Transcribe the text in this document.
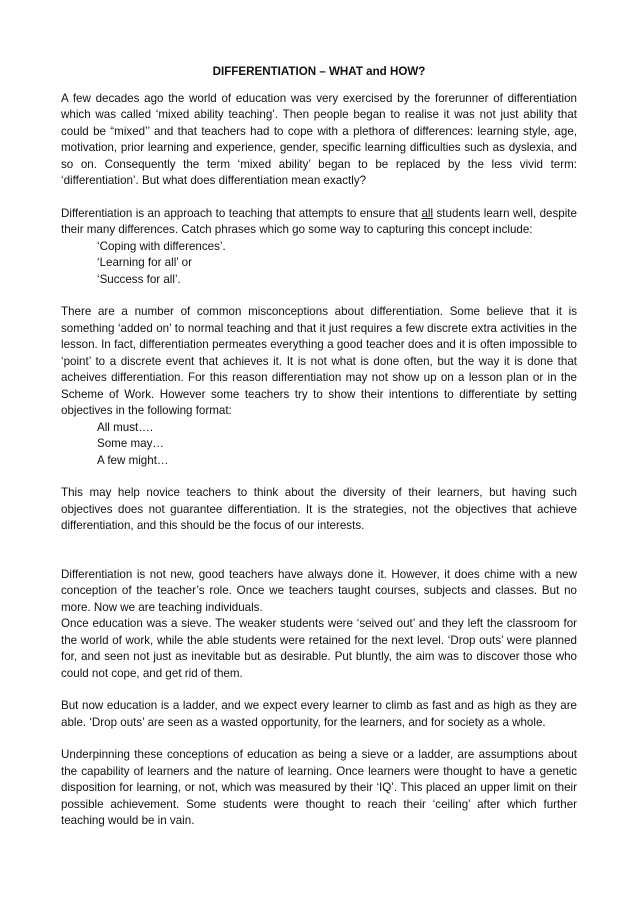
DIFFERENTIATION – WHAT and HOW?

A few decades ago the world of education was very exercised by the forerunner of differentiation which was called ‘mixed ability teaching’. Then people began to realise it was not just ability that could be “mixed’’ and that teachers had to cope with a plethora of differences: learning style, age, motivation, prior learning and experience, gender, specific learning difficulties such as dyslexia, and so on. Consequently the term ‘mixed ability’ began to be replaced by the less vivid term: ‘differentiation’. But what does differentiation mean exactly?

Differentiation is an approach to teaching that attempts to ensure that all students learn well, despite their many differences. Catch phrases which go some way to capturing this concept include:

‘Coping with differences’.
‘Learning for all’ or
‘Success for all’.

There are a number of common misconceptions about differentiation. Some believe that it is something ‘added on’ to normal teaching and that it just requires a few discrete extra activities in the lesson. In fact, differentiation permeates everything a good teacher does and it is often impossible to ‘point’ to a discrete event that achieves it. It is not what is done often, but the way it is done that acheives differentiation. For this reason differentiation may not show up on a lesson plan or in the Scheme of Work. However some teachers try to show their intentions to differentiate by setting objectives in the following format:

All must….
Some may…
A few might…

This may help novice teachers to think about the diversity of their learners, but having such objectives does not guarantee differentiation. It is the strategies, not the objectives that achieve differentiation, and this should be the focus of our interests.

Differentiation is not new, good teachers have always done it. However, it does chime with a new conception of the teacher’s role. Once we teachers taught courses, subjects and classes. But no more. Now we are teaching individuals.

Once education was a sieve. The weaker students were ‘seived out’ and they left the classroom for the world of work, while the able students were retained for the next level. ‘Drop outs’ were planned for, and seen not just as inevitable but as desirable. Put bluntly, the aim was to discover those who could not cope, and get rid of them.

But now education is a ladder, and we expect every learner to climb as fast and as high as they are able. ‘Drop outs’ are seen as a wasted opportunity, for the learners, and for society as a whole.

Underpinning these conceptions of education as being a sieve or a ladder, are assumptions about the capability of learners and the nature of learning. Once learners were thought to have a genetic disposition for learning, or not, which was measured by their ‘IQ’. This placed an upper limit on their possible achievement. Some students were thought to reach their ‘ceiling’ after which further teaching would be in vain.
